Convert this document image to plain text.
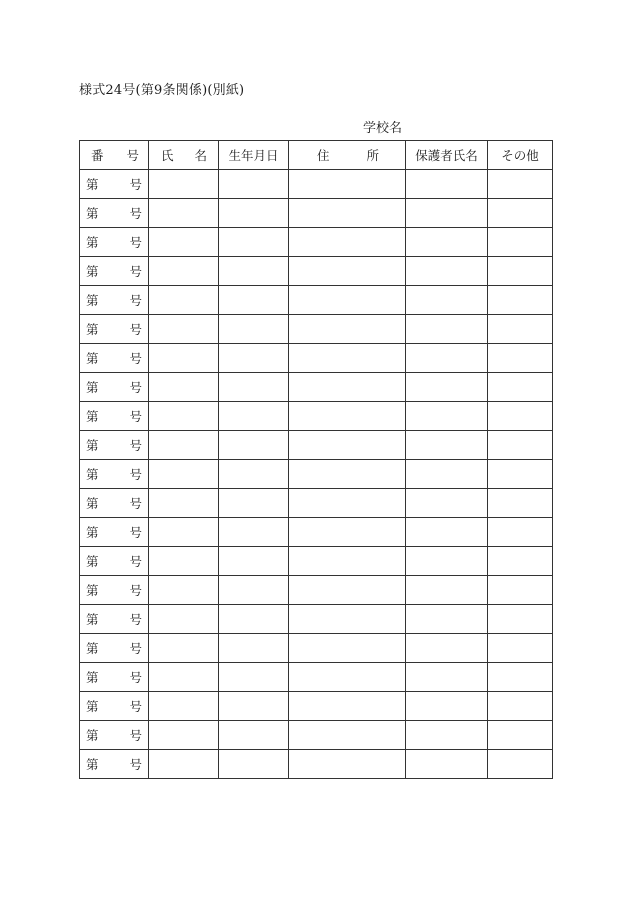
様式24号(第9条関係)(別紙)
学校名
番 号	氏 名	生年月日	住 所	保護者氏名	その他

第 号					

第 号					

第 号					

第 号					

第 号					

第 号					

第 号					

第 号					

第 号					

第 号					

第 号					

第 号					

第 号					

第 号					

第 号					

第 号					

第 号					

第 号					

第 号					

第 号					

第 号					
